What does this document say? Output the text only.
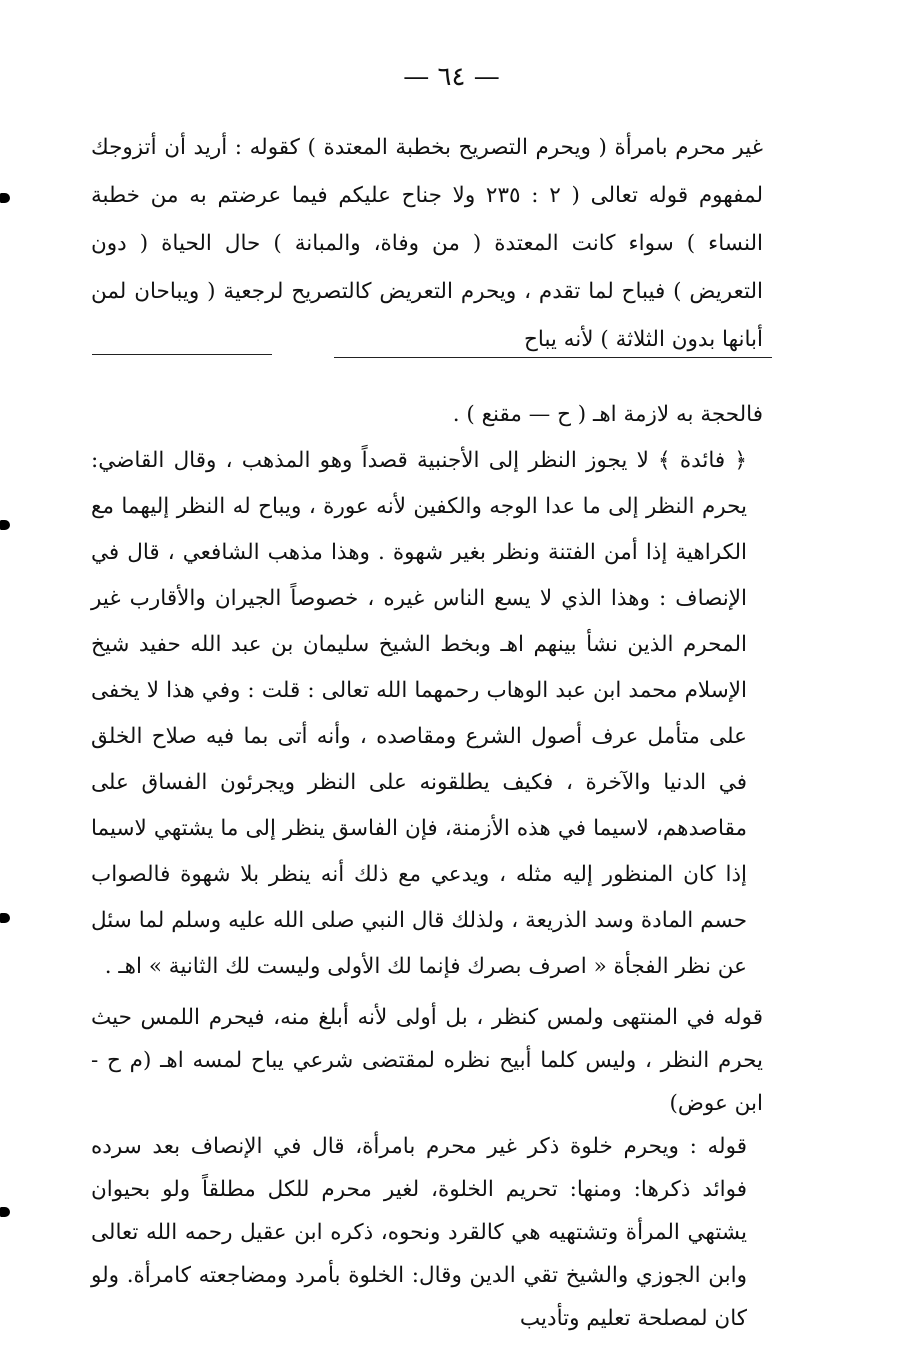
— ٦٤ —

غير محرم بامرأة ( ويحرم التصريح بخطبة المعتدة ) كقوله : أريد أن أتزوجك لمفهوم قوله تعالى ( ٢ : ٢٣٥ ولا جناح عليكم فيما عرضتم به من خطبة النساء ) سواء كانت المعتدة ( من وفاة، والمبانة ) حال الحياة ( دون التعريض ) فيباح لما تقدم ، ويحرم التعريض كالتصريح لرجعية ( ويباحان لمن أبانها بدون الثلاثة ) لأنه يباح

فالحجة به لازمة اهـ ( ح — مقنع ) .

﴿ فائدة ﴾ لا يجوز النظر إلى الأجنبية قصداً وهو المذهب ، وقال القاضي: يحرم النظر إلى ما عدا الوجه والكفين لأنه عورة ، ويباح له النظر إليهما مع الكراهية إذا أمن الفتنة ونظر بغير شهوة . وهذا مذهب الشافعي ، قال في الإنصاف : وهذا الذي لا يسع الناس غيره ، خصوصاً الجيران والأقارب غير المحرم الذين نشأ بينهم اهـ وبخط الشيخ سليمان بن عبد الله حفيد شيخ الإسلام محمد ابن عبد الوهاب رحمهما الله تعالى : قلت : وفي هذا لا يخفى على متأمل عرف أصول الشرع ومقاصده ، وأنه أتى بما فيه صلاح الخلق في الدنيا والآخرة ، فكيف يطلقونه على النظر ويجرئون الفساق على مقاصدهم، لاسيما في هذه الأزمنة، فإن الفاسق ينظر إلى ما يشتهي لاسيما إذا كان المنظور إليه مثله ، ويدعي مع ذلك أنه ينظر بلا شهوة فالصواب حسم المادة وسد الذريعة ، ولذلك قال النبي صلى الله عليه وسلم لما سئل عن نظر الفجأة « اصرف بصرك فإنما لك الأولى وليست لك الثانية » اهـ .

قوله في المنتهى ولمس كنظر ، بل أولى لأنه أبلغ منه، فيحرم اللمس حيث يحرم النظر ، وليس كلما أبيح نظره لمقتضى شرعي يباح لمسه اهـ (م ح - ابن عوض)

قوله : ويحرم خلوة ذكر غير محرم بامرأة، قال في الإنصاف بعد سرده فوائد ذكرها: ومنها: تحريم الخلوة، لغير محرم للكل مطلقاً ولو بحيوان يشتهي المرأة وتشتهيه هي كالقرد ونحوه، ذكره ابن عقيل رحمه الله تعالى وابن الجوزي والشيخ تقي الدين وقال: الخلوة بأمرد ومضاجعته كامرأة. ولو كان لمصلحة تعليم وتأديب
